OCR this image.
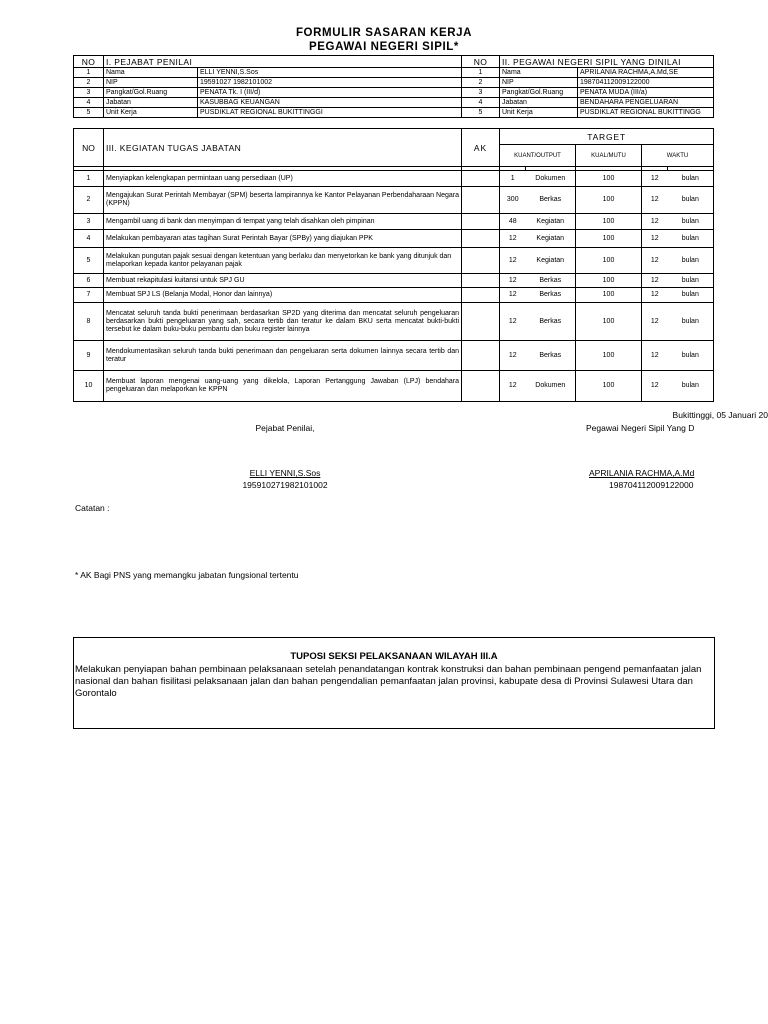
FORMULIR SASARAN KERJA
PEGAWAI NEGERI SIPIL*
NO	I. PEJABAT PENILAI		NO	II. PEGAWAI NEGERI SIPIL YANG DINILAI	
1	Nama	ELLI YENNI,S.Sos	1	Nama	APRILANIA RACHMA,A.Md,SE
2	NIP	19591027 1982101002	2	NIP	198704112009122000
3	Pangkat/Gol.Ruang	PENATA Tk. I (III/d)	3	Pangkat/Gol.Ruang	PENATA MUDA (III/a)
4	Jabatan	KASUBBAG KEUANGAN	4	Jabatan	BENDAHARA PENGELUARAN
5	Unit Kerja	PUSDIKLAT REGIONAL BUKITTINGGI	5	Unit Kerja	PUSDIKLAT REGIONAL BUKITTINGG
NO	III. KEGIATAN TUGAS JABATAN	AK	TARGET				
			KUANT/OUTPUT		KUAL/MUTU	WAKTU	

1	Menyiapkan kelengkapan permintaan uang persediaan (UP)		1	Dokumen	100	12	bulan
2	Mengajukan Surat Perintah Membayar (SPM) beserta lampirannya ke Kantor Pelayanan Perbendaharaan Negara (KPPN)		300	Berkas	100	12	bulan
3	Mengambil uang di bank dan menyimpan di tempat yang telah disahkan oleh pimpinan		48	Kegiatan	100	12	bulan
4	Melakukan pembayaran atas tagihan Surat Perintah Bayar (SPBy) yang diajukan PPK		12	Kegiatan	100	12	bulan
5	Melakukan pungutan pajak sesuai dengan ketentuan yang berlaku dan menyetorkan ke bank yang ditunjuk dan melaporkan kepada kantor pelayanan pajak		12	Kegiatan	100	12	bulan
6	Membuat rekapitulasi kuitansi untuk SPJ GU		12	Berkas	100	12	bulan
7	Membuat SPJ LS (Belanja Modal, Honor dan lainnya)		12	Berkas	100	12	bulan
8	Mencatat seluruh tanda bukti penerimaan berdasarkan SP2D yang diterima dan mencatat seluruh pengeluaran berdasarkan bukti pengeluaran yang sah, secara tertib dan teratur ke dalam BKU serta mencatat bukti-bukti tersebut ke dalam buku-buku pembantu dan buku register lainnya		12	Berkas	100	12	bulan
9	Mendokumentasikan seluruh tanda bukti penerimaan dan pengeluaran serta dokumen lainnya secara tertib dan teratur		12	Berkas	100	12	bulan
10	Membuat laporan mengenai uang-uang yang dikelola, Laporan Pertanggung Jawaban (LPJ) bendahara pengeluaran dan melaporkan ke KPPN		12	Dokumen	100	12	bulan
Bukittinggi, 05 Januari 20
Pejabat Penilai,	Pegawai Negeri Sipil Yang D
ELLI YENNI,S.Sos
195910271982101002
APRILANIA RACHMA,A.Md
198704112009122000
Catatan :
* AK Bagi PNS yang memangku jabatan fungsional tertentu
TUPOSI SEKSI PELAKSANAAN WILAYAH III.A
Melakukan penyiapan bahan pembinaan pelaksanaan setelah penandatangan kontrak konstruksi dan bahan pembinaan pengend pemanfaatan jalan nasional dan bahan fisilitasi pelaksanaan jalan dan bahan pengendalian pemanfaatan jalan provinsi, kabupate desa di Provinsi Sulawesi Utara dan Gorontalo
